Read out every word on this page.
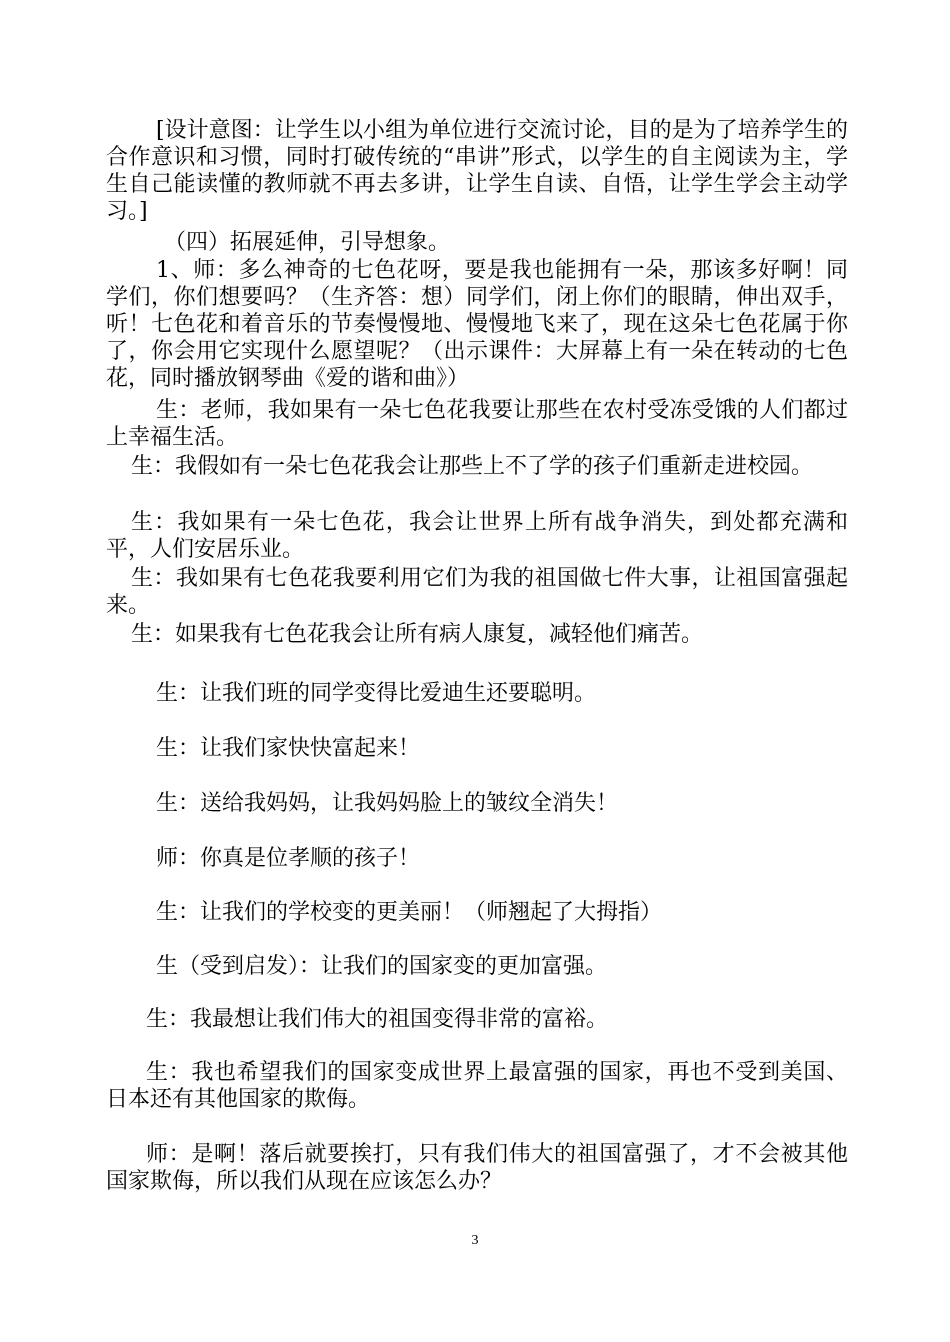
[设计意图：让学生以小组为单位进行交流讨论，目的是为了培养学生的合作意识和习惯，同时打破传统的“串讲”形式，以学生的自主阅读为主，学生自己能读懂的教师就不再去多讲，让学生自读、自悟，让学生学会主动学习。]

（四）拓展延伸，引导想象。

1、师：多么神奇的七色花呀，要是我也能拥有一朵，那该多好啊！同学们，你们想要吗？（生齐答：想）同学们，闭上你们的眼睛，伸出双手，听！七色花和着音乐的节奏慢慢地、慢慢地飞来了，现在这朵七色花属于你了，你会用它实现什么愿望呢？（出示课件：大屏幕上有一朵在转动的七色花，同时播放钢琴曲《爱的谐和曲》）

生：老师，我如果有一朵七色花我要让那些在农村受冻受饿的人们都过上幸福生活。

生：我假如有一朵七色花我会让那些上不了学的孩子们重新走进校园。

生：我如果有一朵七色花，我会让世界上所有战争消失，到处都充满和平，人们安居乐业。

生：我如果有七色花我要利用它们为我的祖国做七件大事，让祖国富强起来。

生：如果我有七色花我会让所有病人康复，减轻他们痛苦。

生：让我们班的同学变得比爱迪生还要聪明。

生：让我们家快快富起来！

生：送给我妈妈，让我妈妈脸上的皱纹全消失！

师：你真是位孝顺的孩子！

生：让我们的学校变的更美丽！（师翘起了大拇指）

生（受到启发）：让我们的国家变的更加富强。

生：我最想让我们伟大的祖国变得非常的富裕。

生：我也希望我们的国家变成世界上最富强的国家，再也不受到美国、日本还有其他国家的欺侮。

师：是啊！落后就要挨打，只有我们伟大的祖国富强了，才不会被其他国家欺侮，所以我们从现在应该怎么办？

3
